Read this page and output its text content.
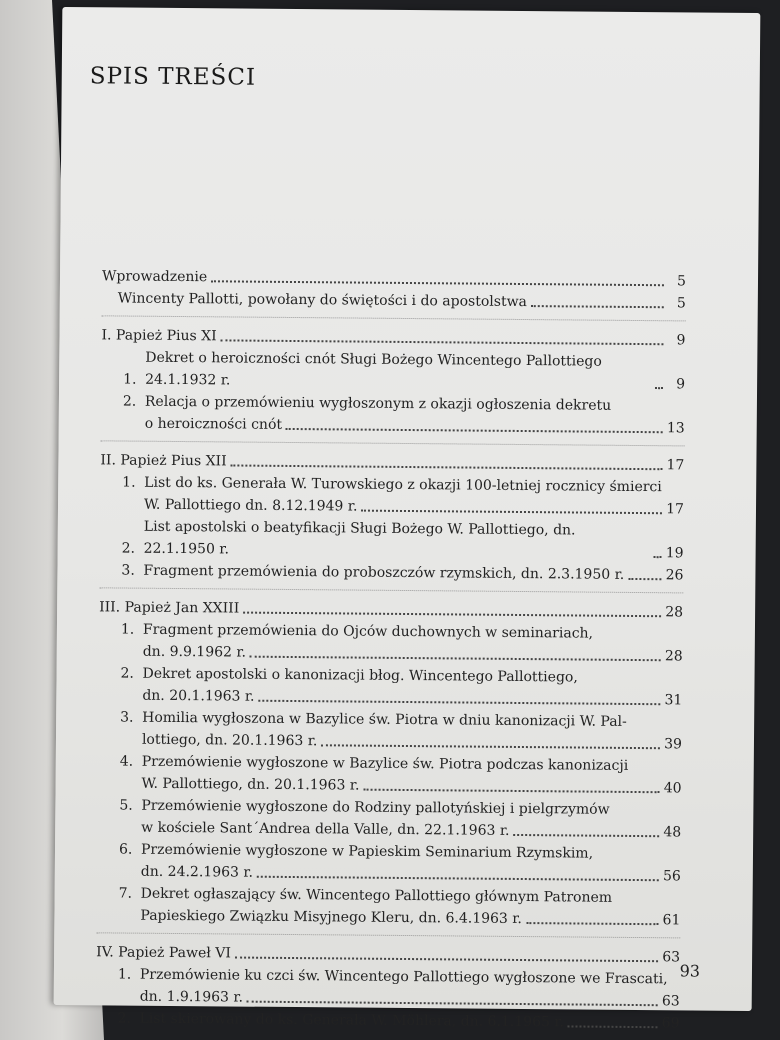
SPIS TREŚCI
Wprowadzenie	5
Wincenty Pallotti, powołany do świętości i do apostolstwa	5
I. Papież Pius XI	9
1.
Dekret o heroiczności cnót Sługi Bożego Wincentego Pallottiego 24.1.1932 r.	9
2. Relacja o przemówieniu wygłoszonym z okazji ogłoszenia dekretu
o heroiczności cnót	13
II. Papież Pius XII	17
1. List do ks. Generała W. Turowskiego z okazji 100-letniej rocznicy śmierci
W. Pallottiego dn. 8.12.1949 r.	17
2.
List apostolski o beatyfikacji Sługi Bożego W. Pallottiego, dn. 22.1.1950 r.	19
3. Fragment przemówienia do proboszczów rzymskich, dn. 2.3.1950 r.	26
III. Papież Jan XXIII	28
1. Fragment przemówienia do Ojców duchownych w seminariach,
dn. 9.9.1962 r.	28
2. Dekret apostolski o kanonizacji błog. Wincentego Pallottiego,
dn. 20.1.1963 r.	31
3. Homilia wygłoszona w Bazylice św. Piotra w dniu kanonizacji W. Pal-
lottiego, dn. 20.1.1963 r.	39
4. Przemówienie wygłoszone w Bazylice św. Piotra podczas kanonizacji
W. Pallottiego, dn. 20.1.1963 r.	40
5. Przemówienie wygłoszone do Rodziny pallotyńskiej i pielgrzymów
w kościele Sant´Andrea della Valle, dn. 22.1.1963 r.	48
6. Przemówienie wygłoszone w Papieskim Seminarium Rzymskim,
dn. 24.2.1963 r.	56
7. Dekret ogłaszający św. Wincentego Pallottiego głównym Patronem
Papieskiego Związku Misyjnego Kleru, dn. 6.4.1963 r.	61
IV. Papież Paweł VI	63
1. Przemówienie ku czci św. Wincentego Pallottiego wygłoszone we Frascati,
dn. 1.9.1963 r.	63
2. List skierowany do ks. Generała W. Möhlera, dn. 6.1.1965 r.	69
93
